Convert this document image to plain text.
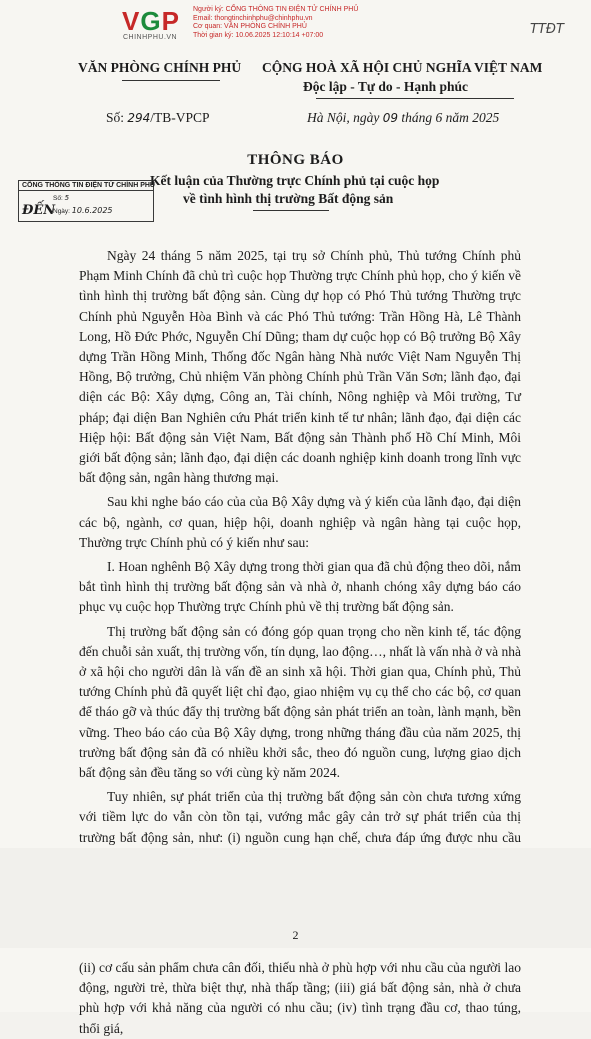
VGP
CHINHPHU.VN
Người ký: CỔNG THÔNG TIN ĐIỆN TỬ CHÍNH PHỦ
Email: thongtinchinhphu@chinhphu.vn
Cơ quan: VĂN PHÒNG CHÍNH PHỦ
Thời gian ký: 10.06.2025 12:10:14 +07:00	TTĐT
VĂN PHÒNG CHÍNH PHỦ CỘNG HOÀ XÃ HỘI CHỦ NGHĨA VIỆT NAM
Độc lập - Tự do - Hạnh phúc
Số: 294/TB-VPCP	Hà Nội, ngày 09 tháng 6 năm 2025
THÔNG BÁO
Kết luận của Thường trực Chính phủ tại cuộc họp
về tình hình thị trường Bất động sản
CỔNG THÔNG TIN ĐIỆN TỬ CHÍNH PHỦ
ĐẾN
Số: 5
Ngày: 10.6.2025

Ngày 24 tháng 5 năm 2025, tại trụ sở Chính phủ, Thủ tướng Chính phủ Phạm Minh Chính đã chủ trì cuộc họp Thường trực Chính phủ họp, cho ý kiến về tình hình thị trường bất động sản. Cùng dự họp có Phó Thủ tướng Thường trực Chính phủ Nguyễn Hòa Bình và các Phó Thủ tướng: Trần Hồng Hà, Lê Thành Long, Hồ Đức Phớc, Nguyễn Chí Dũng; tham dự cuộc họp có Bộ trưởng Bộ Xây dựng Trần Hồng Minh, Thống đốc Ngân hàng Nhà nước Việt Nam Nguyễn Thị Hồng, Bộ trưởng, Chủ nhiệm Văn phòng Chính phủ Trần Văn Sơn; lãnh đạo, đại diện các Bộ: Xây dựng, Công an, Tài chính, Nông nghiệp và Môi trường, Tư pháp; đại diện Ban Nghiên cứu Phát triển kinh tế tư nhân; lãnh đạo, đại diện các Hiệp hội: Bất động sản Việt Nam, Bất động sản Thành phố Hồ Chí Minh, Môi giới bất động sản; lãnh đạo, đại diện các doanh nghiệp kinh doanh trong lĩnh vực bất động sản, ngân hàng thương mại.

Sau khi nghe báo cáo của của Bộ Xây dựng và ý kiến của lãnh đạo, đại diện các bộ, ngành, cơ quan, hiệp hội, doanh nghiệp và ngân hàng tại cuộc họp, Thường trực Chính phủ có ý kiến như sau:

I. Hoan nghênh Bộ Xây dựng trong thời gian qua đã chủ động theo dõi, nắm bắt tình hình thị trường bất động sản và nhà ở, nhanh chóng xây dựng báo cáo phục vụ cuộc họp Thường trực Chính phủ về thị trường bất động sản.

Thị trường bất động sản có đóng góp quan trọng cho nền kinh tế, tác động đến chuỗi sản xuất, thị trường vốn, tín dụng, lao động…, nhất là vấn nhà ở và nhà ở xã hội cho người dân là vấn đề an sinh xã hội. Thời gian qua, Chính phủ, Thủ tướng Chính phủ đã quyết liệt chỉ đạo, giao nhiệm vụ cụ thể cho các bộ, cơ quan để tháo gỡ và thúc đẩy thị trường bất động sản phát triển an toàn, lành mạnh, bền vững. Theo báo cáo của Bộ Xây dựng, trong những tháng đầu của năm 2025, thị trường bất động sản đã có nhiều khởi sắc, theo đó nguồn cung, lượng giao dịch bất động sản đều tăng so với cùng kỳ năm 2024.

Tuy nhiên, sự phát triển của thị trường bất động sản còn chưa tương xứng với tiềm lực do vẫn còn tồn tại, vướng mắc gây cản trở sự phát triển của thị trường bất động sản, như: (i) nguồn cung hạn chế, chưa đáp ứng được nhu cầu

2

(ii) cơ cấu sản phẩm chưa cân đối, thiếu nhà ở phù hợp với nhu cầu của người lao động, người trẻ, thừa biệt thự, nhà thấp tầng; (iii) giá bất động sản, nhà ở chưa phù hợp với khả năng của người có nhu cầu; (iv) tình trạng đầu cơ, thao túng, thổi giá,
